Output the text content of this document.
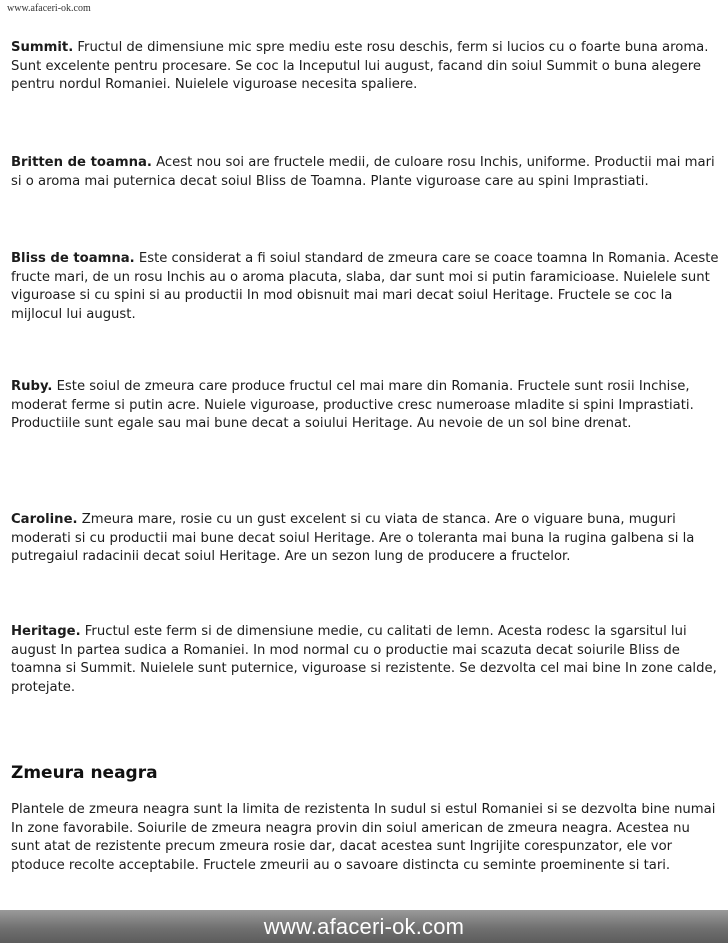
www.afaceri-ok.com

Summit. Fructul de dimensiune mic spre mediu este rosu deschis, ferm si lucios cu o foarte buna aroma. Sunt excelente pentru procesare. Se coc la Inceputul lui august, facand din soiul Summit o buna alegere pentru nordul Romaniei. Nuielele viguroase necesita spaliere.

Britten de toamna. Acest nou soi are fructele medii, de culoare rosu Inchis, uniforme. Productii mai mari si o aroma mai puternica decat soiul Bliss de Toamna. Plante viguroase care au spini Imprastiati.

Bliss de toamna. Este considerat a fi soiul standard de zmeura care se coace toamna In Romania. Aceste fructe mari, de un rosu Inchis au o aroma placuta, slaba, dar sunt moi si putin faramicioase. Nuielele sunt viguroase si cu spini si au productii In mod obisnuit mai mari decat soiul Heritage. Fructele se coc la mijlocul lui august.

Ruby. Este soiul de zmeura care produce fructul cel mai mare din Romania. Fructele sunt rosii Inchise, moderat ferme si putin acre. Nuiele viguroase, productive cresc numeroase mladite si spini Imprastiati. Productiile sunt egale sau mai bune decat a soiului Heritage. Au nevoie de un sol bine drenat.

Caroline. Zmeura mare, rosie cu un gust excelent si cu viata de stanca. Are o viguare buna, muguri moderati si cu productii mai bune decat soiul Heritage. Are o toleranta mai buna la rugina galbena si la putregaiul radacinii decat soiul Heritage. Are un sezon lung de producere a fructelor.

Heritage. Fructul este ferm si de dimensiune medie, cu calitati de lemn. Acesta rodesc la sgarsitul lui august In partea sudica a Romaniei. In mod normal cu o productie mai scazuta decat soiurile Bliss de toamna si Summit. Nuielele sunt puternice, viguroase si rezistente. Se dezvolta cel mai bine In zone calde, protejate.

Zmeura neagra

Plantele de zmeura neagra sunt la limita de rezistenta In sudul si estul Romaniei si se dezvolta bine numai In zone favorabile. Soiurile de zmeura neagra provin din soiul american de zmeura neagra. Acestea nu sunt atat de rezistente precum zmeura rosie dar, dacat acestea sunt Ingrijite corespunzator, ele vor ptoduce recolte acceptabile. Fructele zmeurii au o savoare distincta cu seminte proeminente si tari.

www.afaceri-ok.com
